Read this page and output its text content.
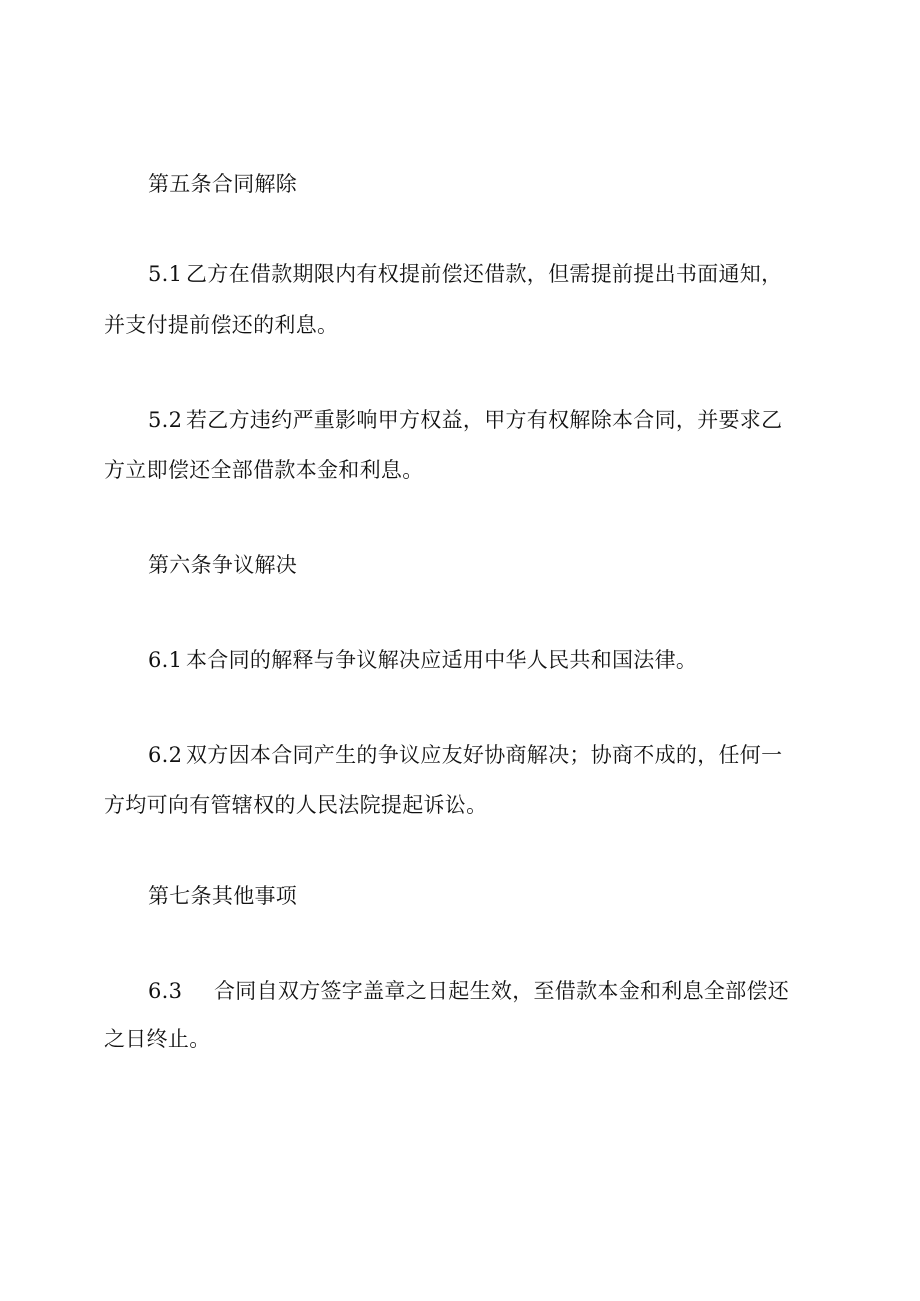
第五条合同解除
5.1 乙方在借款期限内有权提前偿还借款，但需提前提出书面通知，
并支付提前偿还的利息。
5.2 若乙方违约严重影响甲方权益，甲方有权解除本合同，并要求乙
方立即偿还全部借款本金和利息。
第六条争议解决
6.1 本合同的解释与争议解决应适用中华人民共和国法律。
6.2 双方因本合同产生的争议应友好协商解决；协商不成的，任何一
方均可向有管辖权的人民法院提起诉讼。
第七条其他事项
6.3 合同自双方签字盖章之日起生效，至借款本金和利息全部偿还
之日终止。
